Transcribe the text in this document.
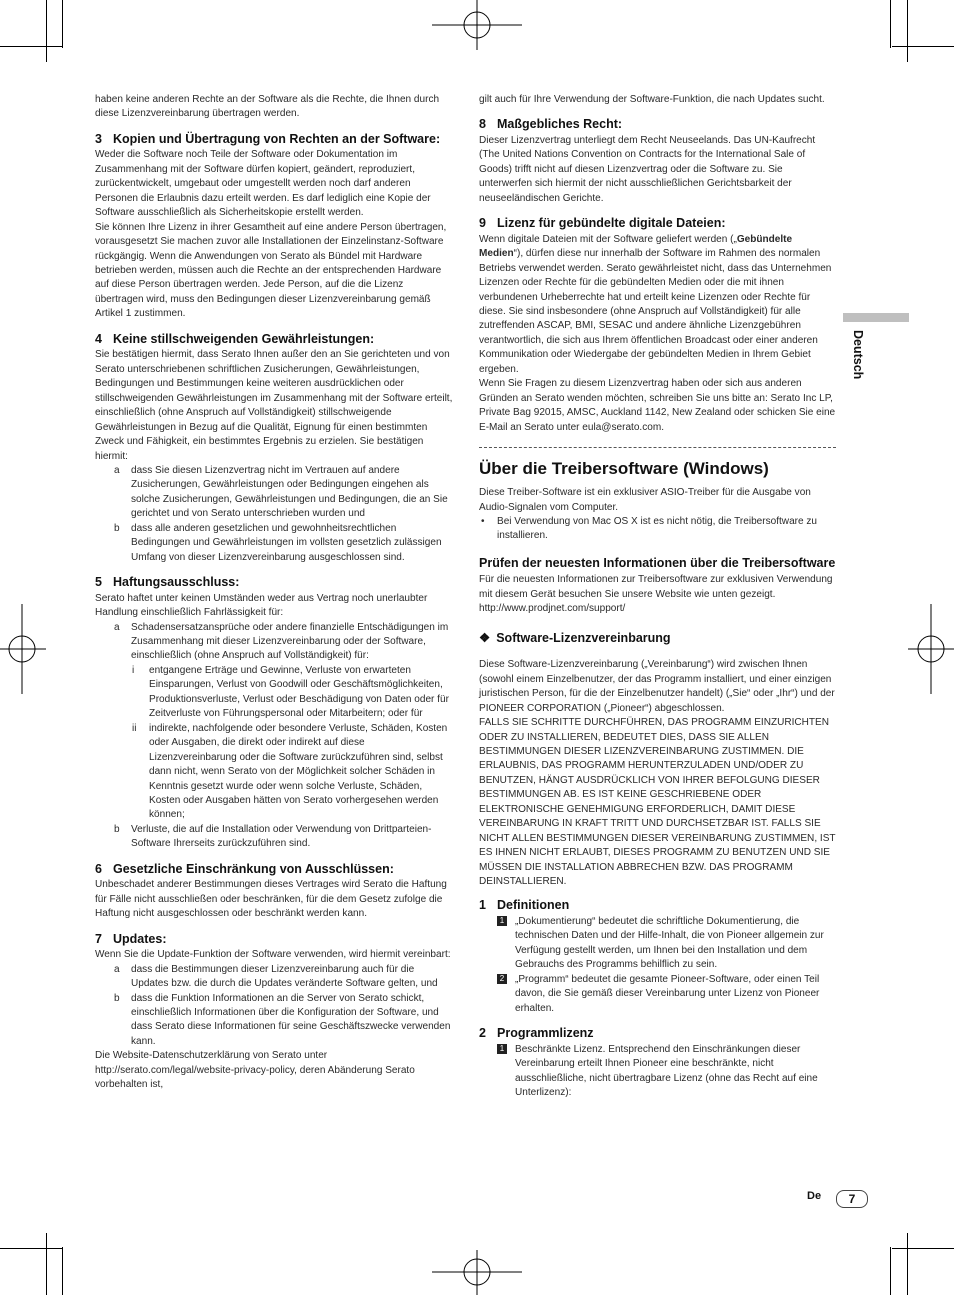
Deutsch

haben keine anderen Rechte an der Software als die Rechte, die Ihnen durch diese Lizenzvereinbarung übertragen werden.

3 Kopien und Übertragung von Rechten an der Software:

Weder die Software noch Teile der Software oder Dokumentation im Zusammenhang mit der Software dürfen kopiert, geändert, reproduziert, zurückentwickelt, umgebaut oder umgestellt werden noch darf anderen Personen die Erlaubnis dazu erteilt werden. Es darf lediglich eine Kopie der Software ausschließlich als Sicherheitskopie erstellt werden.

Sie können Ihre Lizenz in ihrer Gesamtheit auf eine andere Person übertragen, vorausgesetzt Sie machen zuvor alle Installationen der Einzelinstanz-Software rückgängig. Wenn die Anwendungen von Serato als Bündel mit Hardware betrieben werden, müssen auch die Rechte an der entsprechenden Hardware auf diese Person übertragen werden. Jede Person, auf die die Lizenz übertragen wird, muss den Bedingungen dieser Lizenzvereinbarung gemäß Artikel 1 zustimmen.

4 Keine stillschweigenden Gewährleistungen:

Sie bestätigen hiermit, dass Serato Ihnen außer den an Sie gerichteten und von Serato unterschriebenen schriftlichen Zusicherungen, Gewährleistungen, Bedingungen und Bestimmungen keine weiteren ausdrücklichen oder stillschweigenden Gewährleistungen im Zusammenhang mit der Software erteilt, einschließlich (ohne Anspruch auf Vollständigkeit) stillschweigende Gewährleistungen in Bezug auf die Qualität, Eignung für einen bestimmten Zweck und Fähigkeit, ein bestimmtes Ergebnis zu erzielen. Sie bestätigen hiermit:

a dass Sie diesen Lizenzvertrag nicht im Vertrauen auf andere Zusicherungen, Gewährleistungen oder Bedingungen eingehen als solche Zusicherungen, Gewährleistungen und Bedingungen, die an Sie gerichtet und von Serato unterschrieben wurden und
b dass alle anderen gesetzlichen und gewohnheitsrechtlichen Bedingungen und Gewährleistungen im vollsten gesetzlich zulässigen Umfang von dieser Lizenzvereinbarung ausgeschlossen sind.
5 Haftungsausschluss:

Serato haftet unter keinen Umständen weder aus Vertrag noch unerlaubter Handlung einschließlich Fahrlässigkeit für:

a Schadensersatzansprüche oder andere finanzielle Entschädigungen im Zusammenhang mit dieser Lizenzvereinbarung oder der Software, einschließlich (ohne Anspruch auf Vollständigkeit) für:
i entgangene Erträge und Gewinne, Verluste von erwarteten Einsparungen, Verlust von Goodwill oder Geschäftsmöglichkeiten, Produktionsverluste, Verlust oder Beschädigung von Daten oder für Zeitverluste von Führungspersonal oder Mitarbeitern; oder für
ii indirekte, nachfolgende oder besondere Verluste, Schäden, Kosten oder Ausgaben, die direkt oder indirekt auf diese Lizenzvereinbarung oder die Software zurückzuführen sind, selbst dann nicht, wenn Serato von der Möglichkeit solcher Schäden in Kenntnis gesetzt wurde oder wenn solche Verluste, Schäden, Kosten oder Ausgaben hätten von Serato vorhergesehen werden können;
b Verluste, die auf die Installation oder Verwendung von Drittparteien-Software Ihrerseits zurückzuführen sind.
6 Gesetzliche Einschränkung von Ausschlüssen:

Unbeschadet anderer Bestimmungen dieses Vertrages wird Serato die Haftung für Fälle nicht ausschließen oder beschränken, für die dem Gesetz zufolge die Haftung nicht ausgeschlossen oder beschränkt werden kann.

7 Updates:

Wenn Sie die Update-Funktion der Software verwenden, wird hiermit vereinbart:

a dass die Bestimmungen dieser Lizenzvereinbarung auch für die Updates bzw. die durch die Updates veränderte Software gelten, und
b dass die Funktion Informationen an die Server von Serato schickt, einschließlich Informationen über die Konfiguration der Software, und dass Serato diese Informationen für seine Geschäftszwecke verwenden kann.

Die Website-Datenschutzerklärung von Serato unter http://serato.com/legal/website-privacy-policy, deren Abänderung Serato vorbehalten ist,

gilt auch für Ihre Verwendung der Software-Funktion, die nach Updates sucht.

8 Maßgebliches Recht:

Dieser Lizenzvertrag unterliegt dem Recht Neuseelands. Das UN-Kaufrecht (The United Nations Convention on Contracts for the International Sale of Goods) trifft nicht auf diesen Lizenzvertrag oder die Software zu. Sie unterwerfen sich hiermit der nicht ausschließlichen Gerichtsbarkeit der neuseeländischen Gerichte.

9 Lizenz für gebündelte digitale Dateien:

Wenn digitale Dateien mit der Software geliefert werden („Gebündelte Medien“), dürfen diese nur innerhalb der Software im Rahmen des normalen Betriebs verwendet werden. Serato gewährleistet nicht, dass das Unternehmen Lizenzen oder Rechte für die gebündelten Medien oder die mit ihnen verbundenen Urheberrechte hat und erteilt keine Lizenzen oder Rechte für diese. Sie sind insbesondere (ohne Anspruch auf Vollständigkeit) für alle zutreffenden ASCAP, BMI, SESAC und andere ähnliche Lizenzgebühren verantwortlich, die sich aus Ihrem öffentlichen Broadcast oder einer anderen Kommunikation oder Wiedergabe der gebündelten Medien in Ihrem Gebiet ergeben.

Wenn Sie Fragen zu diesem Lizenzvertrag haben oder sich aus anderen Gründen an Serato wenden möchten, schreiben Sie uns bitte an: Serato Inc LP, Private Bag 92015, AMSC, Auckland 1142, New Zealand oder schicken Sie eine E-Mail an Serato unter eula@serato.com.

Über die Treibersoftware (Windows)

Diese Treiber-Software ist ein exklusiver ASIO-Treiber für die Ausgabe von Audio-Signalen vom Computer.

• Bei Verwendung von Mac OS X ist es nicht nötig, die Treibersoftware zu installieren.
Prüfen der neuesten Informationen über die Treibersoftware

Für die neuesten Informationen zur Treibersoftware zur exklusiven Verwendung mit diesem Gerät besuchen Sie unsere Website wie unten gezeigt.

http://www.prodjnet.com/support/

❖ Software-Lizenzvereinbarung

Diese Software-Lizenzvereinbarung („Vereinbarung“) wird zwischen Ihnen (sowohl einem Einzelbenutzer, der das Programm installiert, und einer einzigen juristischen Person, für die der Einzelbenutzer handelt) („Sie“ oder „Ihr“) und der PIONEER CORPORATION („Pioneer“) abgeschlossen.

FALLS SIE SCHRITTE DURCHFÜHREN, DAS PROGRAMM EINZURICHTEN ODER ZU INSTALLIEREN, BEDEUTET DIES, DASS SIE ALLEN BESTIMMUNGEN DIESER LIZENZVEREINBARUNG ZUSTIMMEN. DIE ERLAUBNIS, DAS PROGRAMM HERUNTERZULADEN UND/ODER ZU BENUTZEN, HÄNGT AUSDRÜCKLICH VON IHRER BEFOLGUNG DIESER BESTIMMUNGEN AB. ES IST KEINE GESCHRIEBENE ODER ELEKTRONISCHE GENEHMIGUNG ERFORDERLICH, DAMIT DIESE VEREINBARUNG IN KRAFT TRITT UND DURCHSETZBAR IST. FALLS SIE NICHT ALLEN BESTIMMUNGEN DIESER VEREINBARUNG ZUSTIMMEN, IST ES IHNEN NICHT ERLAUBT, DIESES PROGRAMM ZU BENUTZEN UND SIE MÜSSEN DIE INSTALLATION ABBRECHEN BZW. DAS PROGRAMM DEINSTALLIEREN.

1 Definitionen
1 „Dokumentierung“ bedeutet die schriftliche Dokumentierung, die technischen Daten und der Hilfe-Inhalt, die von Pioneer allgemein zur Verfügung gestellt werden, um Ihnen bei den Installation und dem Gebrauchs des Programms behilflich zu sein.
2 „Programm“ bedeutet die gesamte Pioneer-Software, oder einen Teil davon, die Sie gemäß dieser Vereinbarung unter Lizenz von Pioneer erhalten.
2 Programmlizenz
1 Beschränkte Lizenz. Entsprechend den Einschränkungen dieser Vereinbarung erteilt Ihnen Pioneer eine beschränkte, nicht ausschließliche, nicht übertragbare Lizenz (ohne das Recht auf eine Unterlizenz):
De	7
